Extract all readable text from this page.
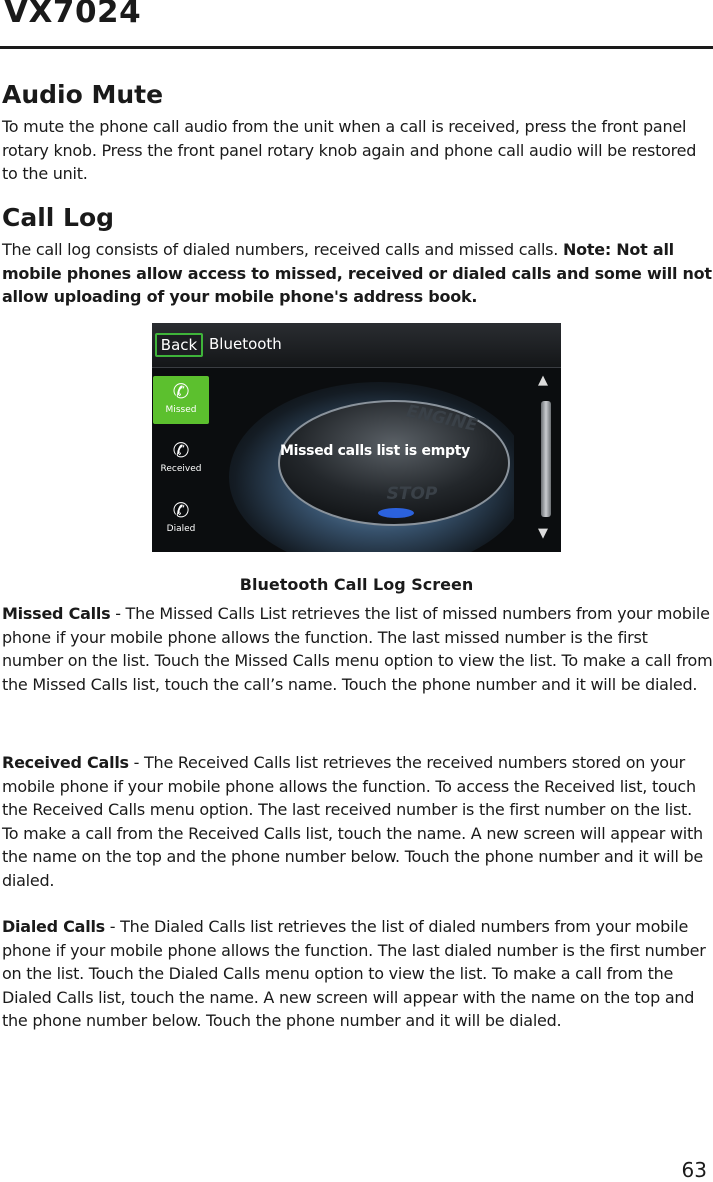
VX7024
Audio Mute

To mute the phone call audio from the unit when a call is received, press the front panel rotary knob. Press the front panel rotary knob again and phone call audio will be restored to the unit.

Call Log

The call log consists of dialed numbers, received calls and missed calls. Note: Not all mobile phones allow access to missed, received or dialed calls and some will not allow uploading of your mobile phone's address book.

ENGINE
STOP
Back Bluetooth
✆
Missed
✆
Received
✆
Dialed
Missed calls list is empty
▲
▼
Bluetooth Call Log Screen

Missed Calls - The Missed Calls List retrieves the list of missed numbers from your mobile phone if your mobile phone allows the function. The last missed number is the first number on the list. Touch the Missed Calls menu option to view the list. To make a call from the Missed Calls list, touch the call’s name. Touch the phone number and it will be dialed.

Received Calls - The Received Calls list retrieves the received numbers stored on your mobile phone if your mobile phone allows the function. To access the Received list, touch the Received Calls menu option. The last received number is the first number on the list. To make a call from the Received Calls list, touch the name. A new screen will appear with the name on the top and the phone number below. Touch the phone number and it will be dialed.

Dialed Calls - The Dialed Calls list retrieves the list of dialed numbers from your mobile phone if your mobile phone allows the function. The last dialed number is the first number on the list. Touch the Dialed Calls menu option to view the list. To make a call from the Dialed Calls list, touch the name. A new screen will appear with the name on the top and the phone number below. Touch the phone number and it will be dialed.

63
